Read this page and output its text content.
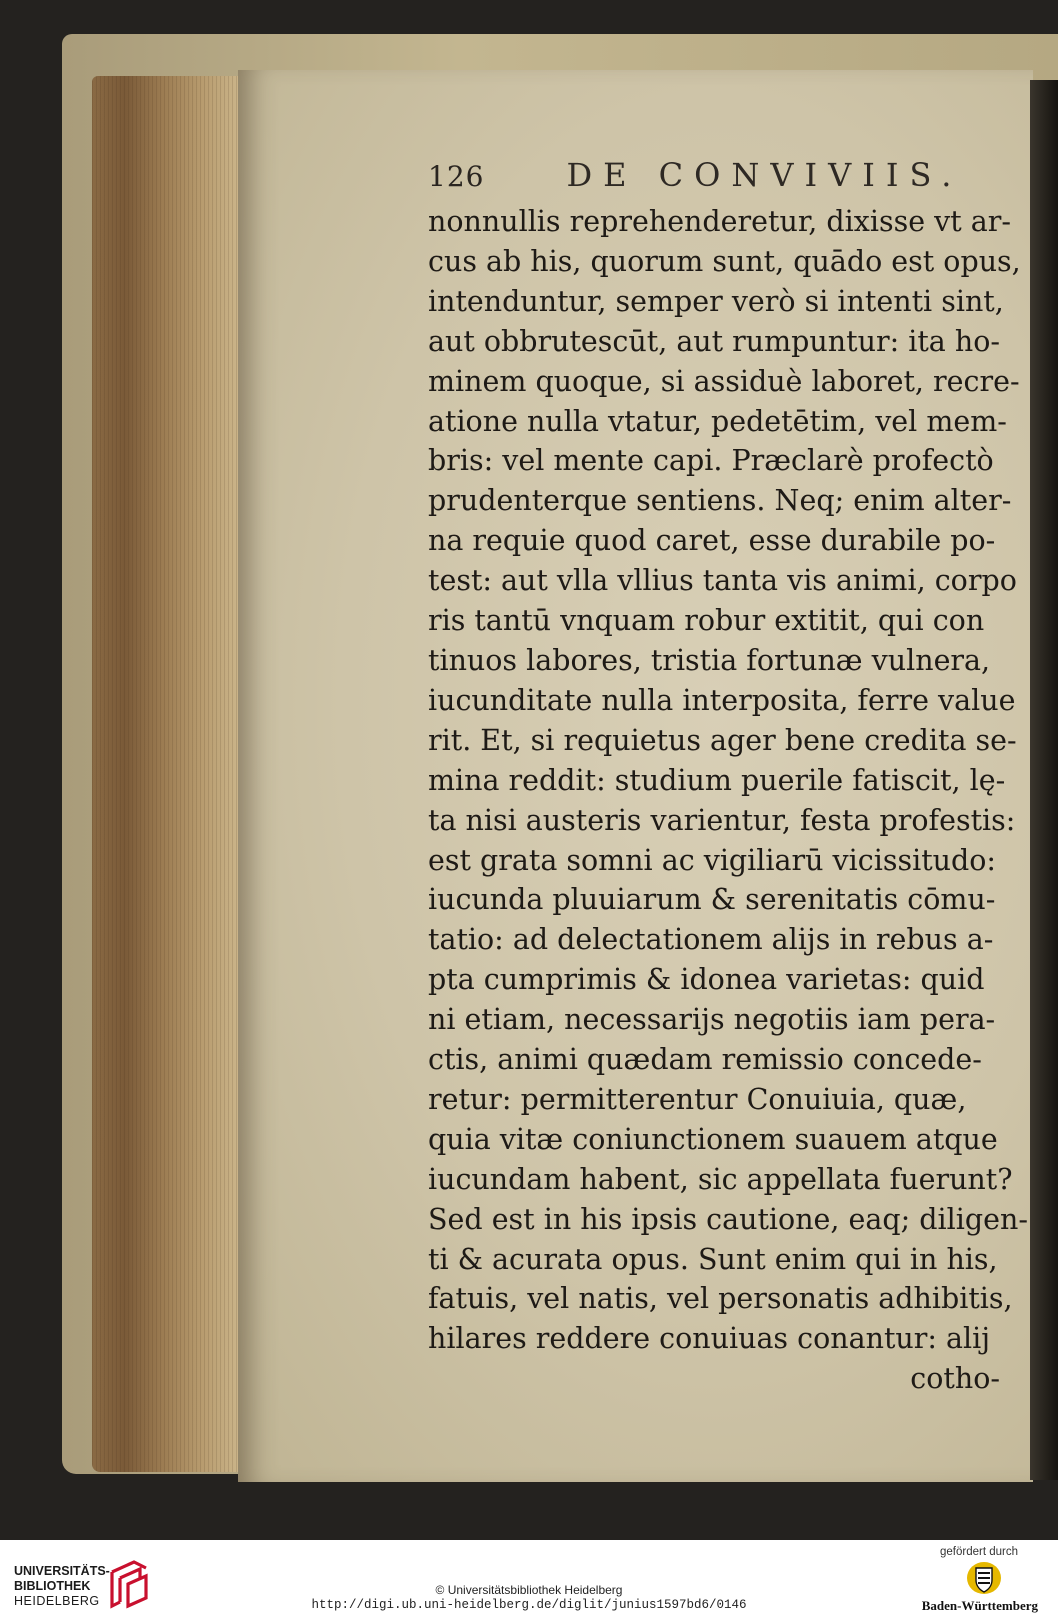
126	DE CONVIVIIS.
nonnullis reprehenderetur, dixisse vt ar-
cus ab his, quorum sunt, quādo est opus,
intenduntur, semper verò si intenti sint,
aut obbrutescūt, aut rumpuntur: ita ho-
minem quoque, si assiduè laboret, recre-
atione nulla vtatur, pedetētim, vel mem-
bris: vel mente capi. Præclarè profectò
prudenterque sentiens. Neq; enim alter-
na requie quod caret, esse durabile po-
test: aut vlla vllius tanta vis animi, corpo
ris tantū vnquam robur extitit, qui con
tinuos labores, tristia fortunæ vulnera,
iucunditate nulla interposita, ferre value
rit. Et, si requietus ager bene credita se-
mina reddit: studium puerile fatiscit, lę-
ta nisi austeris varientur, festa profestis:
est grata somni ac vigiliarū vicissitudo:
iucunda pluuiarum & serenitatis cōmu-
tatio: ad delectationem alijs in rebus a-
pta cumprimis & idonea varietas: quid
ni etiam, necessarijs negotiis iam pera-
ctis, animi quædam remissio concede-
retur: permitterentur Conuiuia, quæ,
quia vitæ coniunctionem suauem atque
iucundam habent, sic appellata fuerunt?
Sed est in his ipsis cautione, eaq; diligen-
ti & acurata opus. Sunt enim qui in his,
fatuis, vel natis, vel personatis adhibitis,
hilares reddere conuiuas conantur: alij
cotho-
UNIVERSITÄTS-
BIBLIOTHEK
HEIDELBERG
© Universitätsbibliothek Heidelberg
http://digi.ub.uni-heidelberg.de/diglit/junius1597bd6/0146
gefördert durch
Baden-Württemberg
